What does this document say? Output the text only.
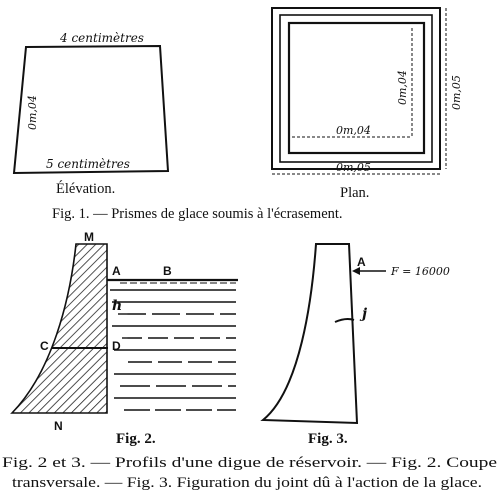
4 centimètres
5 centimètres
0m,04
Élévation.
0m,04
0m,04
0m,05
0m,05
Plan.
Fig. 1. — Prismes de glace soumis à l'écrasement.
M
A	B
h
C	D
N
Fig. 2.
A
F = 16000
j
Fig. 3.
Fig. 2 et 3. — Profils d'une digue de réservoir. — Fig. 2. Coupe
transversale. — Fig. 3. Figuration du joint dû à l'action de la glace.
